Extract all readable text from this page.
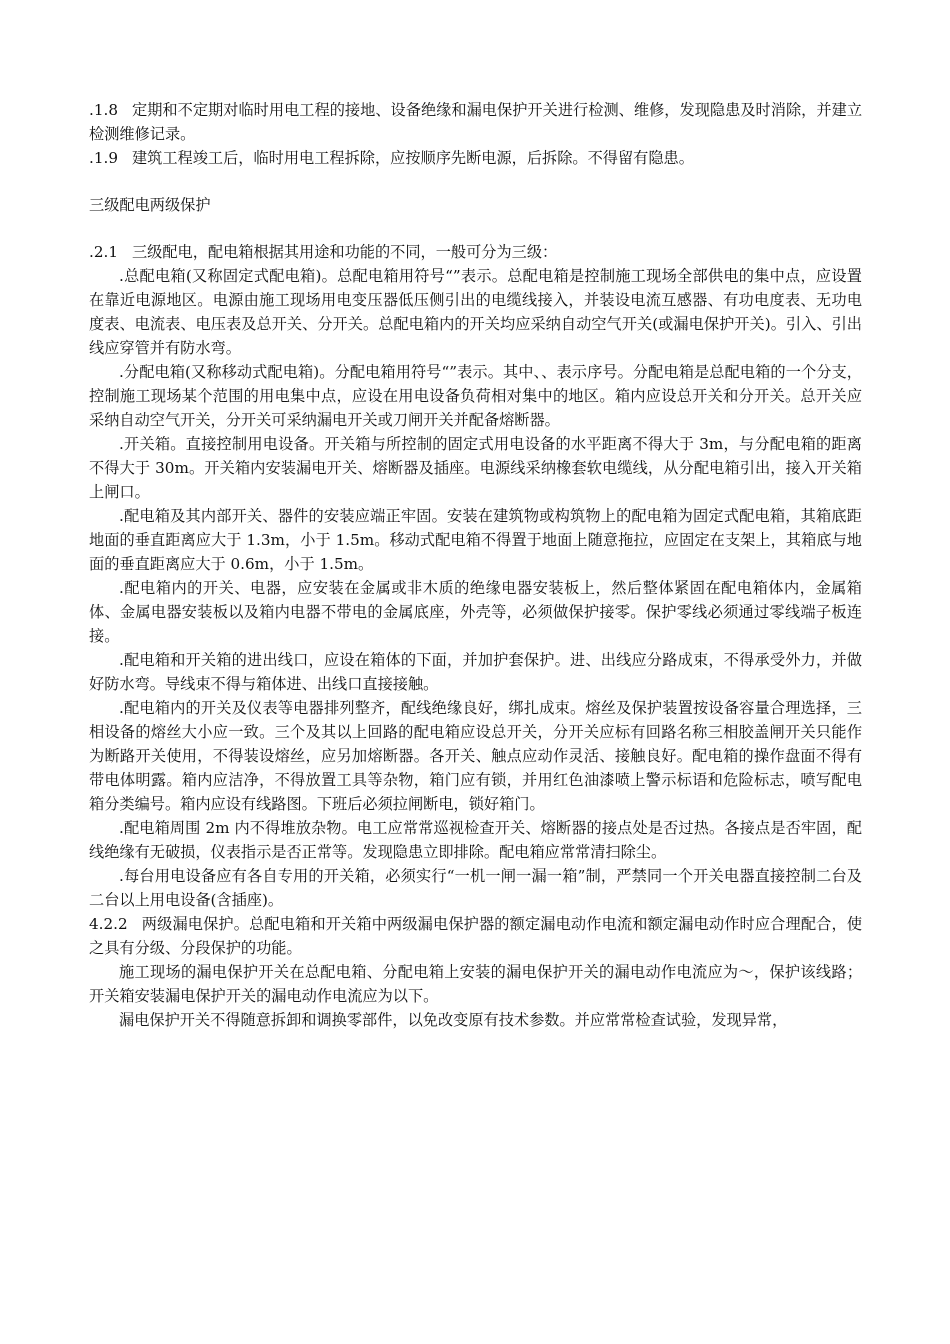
.1.8 定期和不定期对临时用电工程的接地、设备绝缘和漏电保护开关进行检测、维修，发现隐患及时消除，并建立检测维修记录。

.1.9 建筑工程竣工后，临时用电工程拆除，应按顺序先断电源，后拆除。不得留有隐患。

三级配电两级保护

.2.1 三级配电，配电箱根据其用途和功能的不同，一般可分为三级：

.总配电箱(又称固定式配电箱)。总配电箱用符号“”表示。总配电箱是控制施工现场全部供电的集中点，应设置在靠近电源地区。电源由施工现场用电变压器低压侧引出的电缆线接入，并装设电流互感器、有功电度表、无功电度表、电流表、电压表及总开关、分开关。总配电箱内的开关均应采纳自动空气开关(或漏电保护开关)。引入、引出线应穿管并有防水弯。

.分配电箱(又称移动式配电箱)。分配电箱用符号“”表示。其中、、表示序号。分配电箱是总配电箱的一个分支，控制施工现场某个范围的用电集中点，应设在用电设备负荷相对集中的地区。箱内应设总开关和分开关。总开关应采纳自动空气开关，分开关可采纳漏电开关或刀闸开关并配备熔断器。

.开关箱。直接控制用电设备。开关箱与所控制的固定式用电设备的水平距离不得大于 3m，与分配电箱的距离不得大于 30m。开关箱内安装漏电开关、熔断器及插座。电源线采纳橡套软电缆线，从分配电箱引出，接入开关箱上闸口。

.配电箱及其内部开关、器件的安装应端正牢固。安装在建筑物或构筑物上的配电箱为固定式配电箱，其箱底距地面的垂直距离应大于 1.3m，小于 1.5m。移动式配电箱不得置于地面上随意拖拉，应固定在支架上，其箱底与地面的垂直距离应大于 0.6m，小于 1.5m。

.配电箱内的开关、电器，应安装在金属或非木质的绝缘电器安装板上，然后整体紧固在配电箱体内，金属箱体、金属电器安装板以及箱内电器不带电的金属底座，外壳等，必须做保护接零。保护零线必须通过零线端子板连接。

.配电箱和开关箱的进出线口，应设在箱体的下面，并加护套保护。进、出线应分路成束，不得承受外力，并做好防水弯。导线束不得与箱体进、出线口直接接触。

.配电箱内的开关及仪表等电器排列整齐，配线绝缘良好，绑扎成束。熔丝及保护装置按设备容量合理选择，三相设备的熔丝大小应一致。三个及其以上回路的配电箱应设总开关，分开关应标有回路名称三相胶盖闸开关只能作为断路开关使用，不得装设熔丝，应另加熔断器。各开关、触点应动作灵活、接触良好。配电箱的操作盘面不得有带电体明露。箱内应洁净，不得放置工具等杂物，箱门应有锁，并用红色油漆喷上警示标语和危险标志，喷写配电箱分类编号。箱内应设有线路图。下班后必须拉闸断电，锁好箱门。

.配电箱周围 2m 内不得堆放杂物。电工应常常巡视检查开关、熔断器的接点处是否过热。各接点是否牢固，配线绝缘有无破损，仪表指示是否正常等。发现隐患立即排除。配电箱应常常清扫除尘。

.每台用电设备应有各自专用的开关箱，必须实行“一机一闸一漏一箱”制，严禁同一个开关电器直接控制二台及二台以上用电设备(含插座)。

4.2.2 两级漏电保护。总配电箱和开关箱中两级漏电保护器的额定漏电动作电流和额定漏电动作时应合理配合，使之具有分级、分段保护的功能。

施工现场的漏电保护开关在总配电箱、分配电箱上安装的漏电保护开关的漏电动作电流应为～，保护该线路；开关箱安装漏电保护开关的漏电动作电流应为以下。

漏电保护开关不得随意拆卸和调换零部件，以免改变原有技术参数。并应常常检查试验，发现异常，
